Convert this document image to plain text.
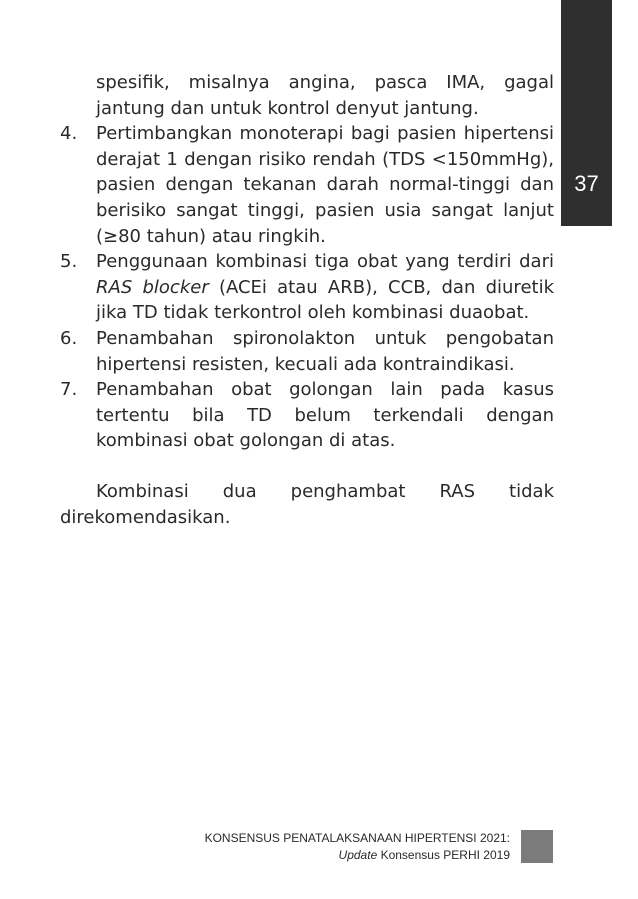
37

spesifik, misalnya angina, pasca IMA, gagal jantung dan untuk kontrol denyut jantung.

4. Pertimbangkan monoterapi bagi pasien hipertensi derajat 1 dengan risiko rendah (TDS <150mmHg), pasien dengan tekanan darah normal-tinggi dan berisiko sangat tinggi, pasien usia sangat lanjut (≥80 tahun) atau ringkih.
5. Penggunaan kombinasi tiga obat yang terdiri dari RAS blocker (ACEi atau ARB), CCB, dan diuretik jika TD tidak terkontrol oleh kombinasi duaobat.
6. Penambahan spironolakton untuk pengobatan hipertensi resisten, kecuali ada kontraindikasi.
7. Penambahan obat golongan lain pada kasus tertentu bila TD belum terkendali dengan kombinasi obat golongan di atas.

Kombinasi dua penghambat RAS tidak direkomendasikan.

KONSENSUS PENATALAKSANAAN HIPERTENSI 2021:
Update Konsensus PERHI 2019
